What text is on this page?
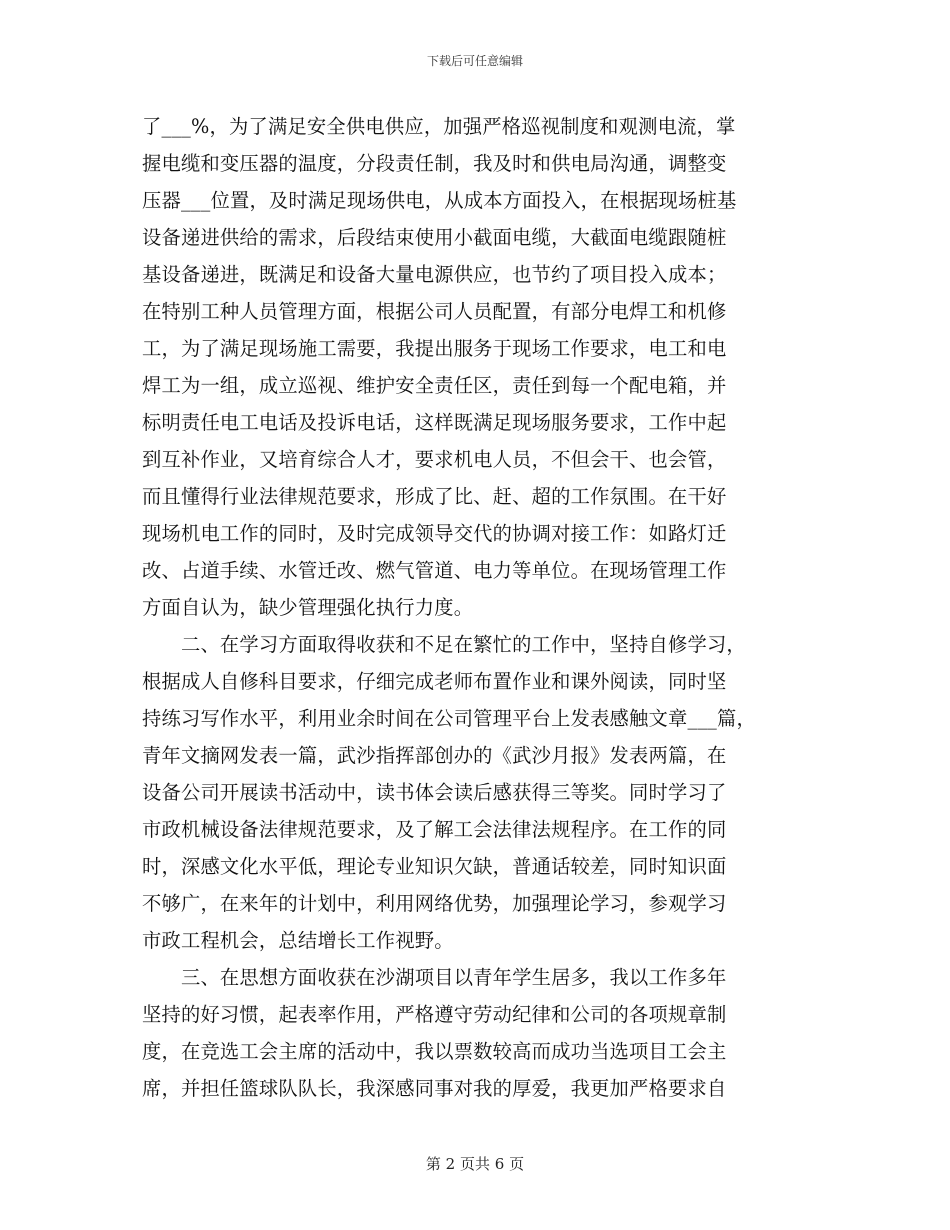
下载后可任意编辑
了___%，为了满足安全供电供应，加强严格巡视制度和观测电流，掌
握电缆和变压器的温度，分段责任制，我及时和供电局沟通，调整变
压器___位置，及时满足现场供电，从成本方面投入，在根据现场桩基
设备递进供给的需求，后段结束使用小截面电缆，大截面电缆跟随桩
基设备递进，既满足和设备大量电源供应，也节约了项目投入成本；
在特别工种人员管理方面，根据公司人员配置，有部分电焊工和机修
工，为了满足现场施工需要，我提出服务于现场工作要求，电工和电
焊工为一组，成立巡视、维护安全责任区，责任到每一个配电箱，并
标明责任电工电话及投诉电话，这样既满足现场服务要求，工作中起
到互补作业，又培育综合人才，要求机电人员，不但会干、也会管，
而且懂得行业法律规范要求，形成了比、赶、超的工作氛围。在干好
现场机电工作的同时，及时完成领导交代的协调对接工作：如路灯迁
改、占道手续、水管迁改、燃气管道、电力等单位。在现场管理工作
方面自认为，缺少管理强化执行力度。
　　二、在学习方面取得收获和不足在繁忙的工作中，坚持自修学习，
根据成人自修科目要求，仔细完成老师布置作业和课外阅读，同时坚
持练习写作水平，利用业余时间在公司管理平台上发表感触文章___篇，
青年文摘网发表一篇，武沙指挥部创办的《武沙月报》发表两篇，在
设备公司开展读书活动中，读书体会读后感获得三等奖。同时学习了
市政机械设备法律规范要求，及了解工会法律法规程序。在工作的同
时，深感文化水平低，理论专业知识欠缺，普通话较差，同时知识面
不够广，在来年的计划中，利用网络优势，加强理论学习，参观学习
市政工程机会，总结增长工作视野。
　　三、在思想方面收获在沙湖项目以青年学生居多，我以工作多年
坚持的好习惯，起表率作用，严格遵守劳动纪律和公司的各项规章制
度，在竞选工会主席的活动中，我以票数较高而成功当选项目工会主
席，并担任篮球队队长，我深感同事对我的厚爱，我更加严格要求自
第 2 页共 6 页
